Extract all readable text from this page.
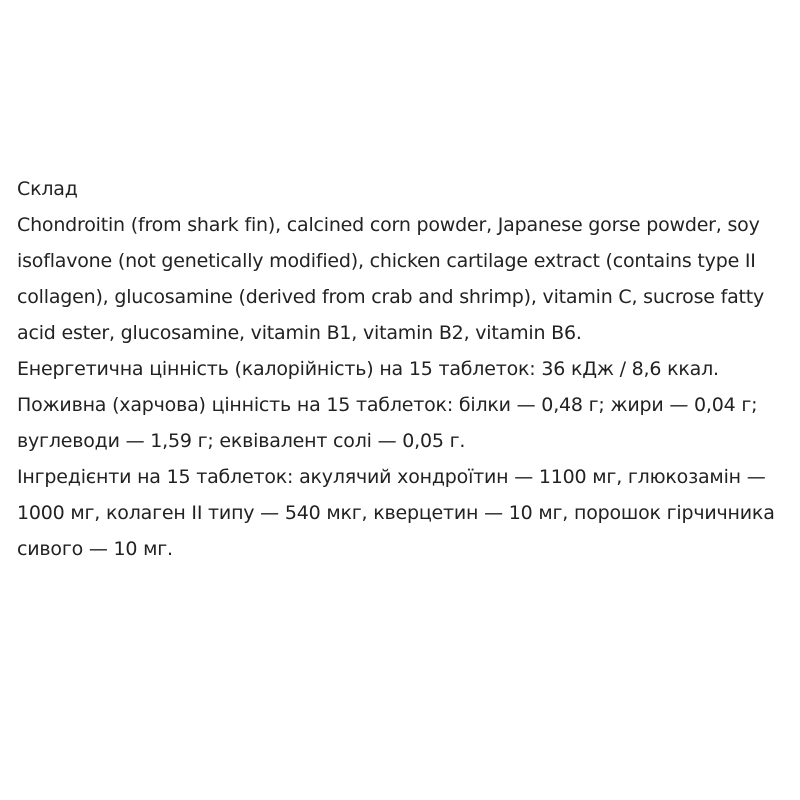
Склад

Chondroitin (from shark fin), calcined corn powder, Japanese gorse powder, soy isoflavone (not genetically modified), chicken cartilage extract (contains type II collagen), glucosamine (derived from crab and shrimp), vitamin C, sucrose fatty acid ester, glucosamine, vitamin B1, vitamin B2, vitamin B6.

Енергетична цінність (калорійність) на 15 таблеток: 36 кДж / 8,6 ккал.

Поживна (харчова) цінність на 15 таблеток: білки — 0,48 г; жири — 0,04 г; вуглеводи — 1,59 г; еквівалент солі — 0,05 г.

Інгредієнти на 15 таблеток: акулячий хондроїтин — 1100 мг, глюкозамін — 1000 мг, колаген II типу — 540 мкг, кверцетин — 10 мг, порошок гірчичника сивого — 10 мг.
